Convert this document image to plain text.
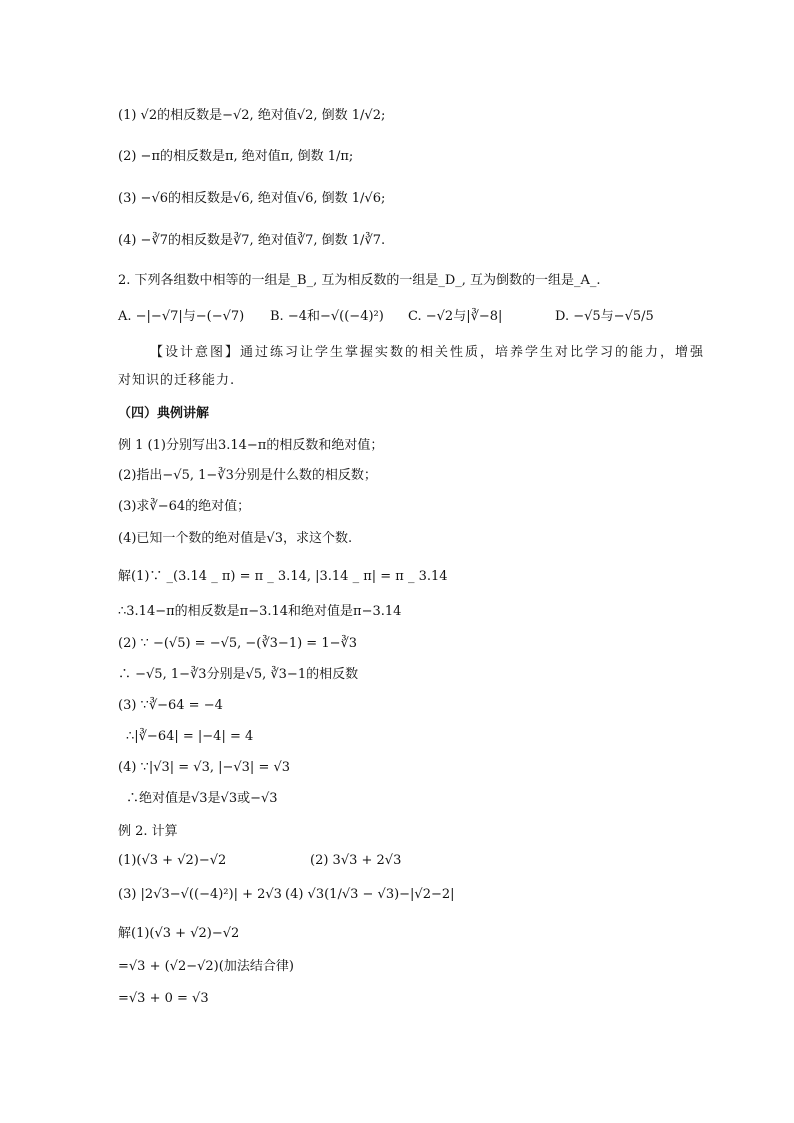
(1) √2的相反数是−√2, 绝对值√2, 倒数 1/√2;
(2) −π的相反数是π, 绝对值π, 倒数 1/π;
(3) −√6的相反数是√6, 绝对值√6, 倒数 1/√6;
(4) −∛7的相反数是∛7, 绝对值∛7, 倒数 1/∛7.
2. 下列各组数中相等的一组是_B_, 互为相反数的一组是_D_, 互为倒数的一组是_A_.
A. −|−√7|与−(−√7) B. −4和−√((−4)²) C. −√2与|∛−8|	D. −√5与−√5/5
【设计意图】通过练习让学生掌握实数的相关性质，培养学生对比学习的能力，增强
对知识的迁移能力.
（四）典例讲解
例 1 (1)分别写出3.14−π的相反数和绝对值；
(2)指出−√5, 1−∛3分别是什么数的相反数；
(3)求∛−64的绝对值；
(4)已知一个数的绝对值是√3，求这个数.
解(1)∵ _(3.14 _ π) = π _ 3.14, |3.14 _ π| = π _ 3.14
∴3.14−π的相反数是π−3.14和绝对值是π−3.14
(2) ∵ −(√5) = −√5, −(∛3−1) = 1−∛3
∴ −√5, 1−∛3分别是√5, ∛3−1的相反数
(3) ∵∛−64 = −4
∴|∛−64| = |−4| = 4
(4) ∵|√3| = √3, |−√3| = √3
∴绝对值是√3是√3或−√3
例 2. 计算
(1)(√3 + √2)−√2	(2) 3√3 + 2√3
(3) |2√3−√((−4)²)| + 2√3 (4) √3(1/√3 − √3)−|√2−2|
解(1)(√3 + √2)−√2
=√3 + (√2−√2)(加法结合律)
=√3 + 0 = √3
